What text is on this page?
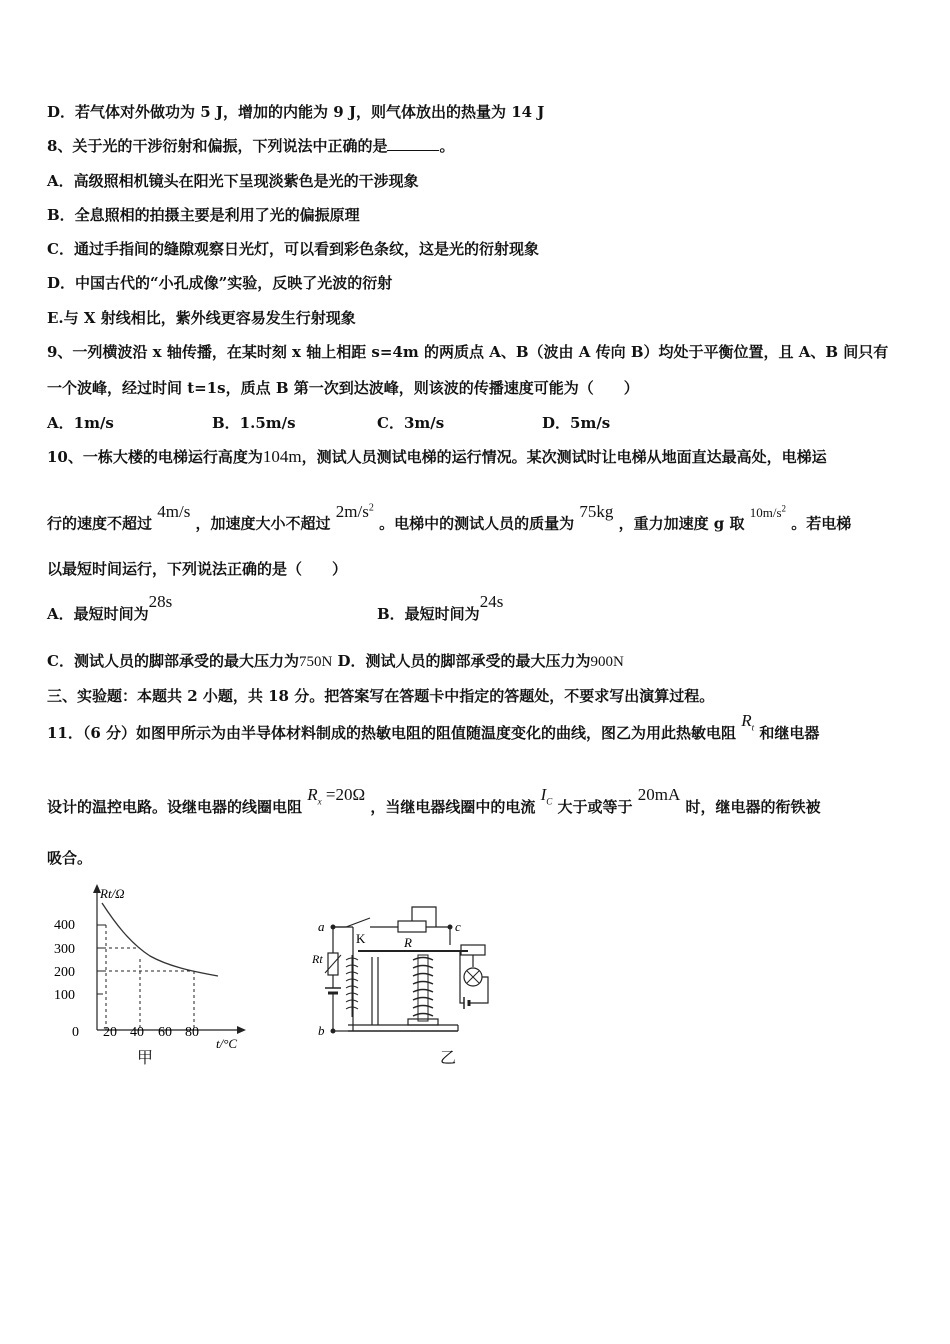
D．若气体对外做功为 5 J，增加的内能为 9 J，则气体放出的热量为 14 J
8、关于光的干涉衍射和偏振，下列说法中正确的是	。
A．高级照相机镜头在阳光下呈现淡紫色是光的干涉现象
B．全息照相的拍摄主要是利用了光的偏振原理
C．通过手指间的缝隙观察日光灯，可以看到彩色条纹，这是光的衍射现象
D．中国古代的“小孔成像”实验，反映了光波的衍射
E.与 X 射线相比，紫外线更容易发生行射现象
9、一列横波沿 x 轴传播，在某时刻 x 轴上相距 s=4m 的两质点 A、B（波由 A 传向 B）均处于平衡位置，且 A、B 间只有
一个波峰，经过时间 t=1s，质点 B 第一次到达波峰，则该波的传播速度可能为（　　）
A．1m/s	B．1.5m/s	C．3m/s	D．5m/s
10、一栋大楼的电梯运行高度为104m，测试人员测试电梯的运行情况。某次测试时让电梯从地面直达最高处，电梯运
行的速度不超过 4m/s ，加速度大小不超过 $2m/s^2$ 。电梯中的测试人员的质量为 75kg ，重力加速度 g 取 $10m/s^2$ 。若电梯
以最短时间运行，下列说法正确的是（　　）
A．最短时间为28sB．最短时间为24s
C．测试人员的脚部承受的最大压力为750N D．测试人员的脚部承受的最大压力为900N
三、实验题：本题共 2 小题，共 18 分。把答案写在答题卡中指定的答题处，不要求写出演算过程。
11．（6 分）如图甲所示为由半导体材料制成的热敏电阻的阻值随温度变化的曲线，图乙为用此热敏电阻 $R_t$ 和继电器
设计的温控电路。设继电器的线圈电阻 $R_x =20\Omega$ ，当继电器线圈中的电流 $I_C$ 大于或等于 20mA 时，继电器的衔铁被
吸合。
Rt/Ω
t/°C
400
300
200
100
0 20 40 60 80
甲
a
b
c
K	R
Rt
乙
